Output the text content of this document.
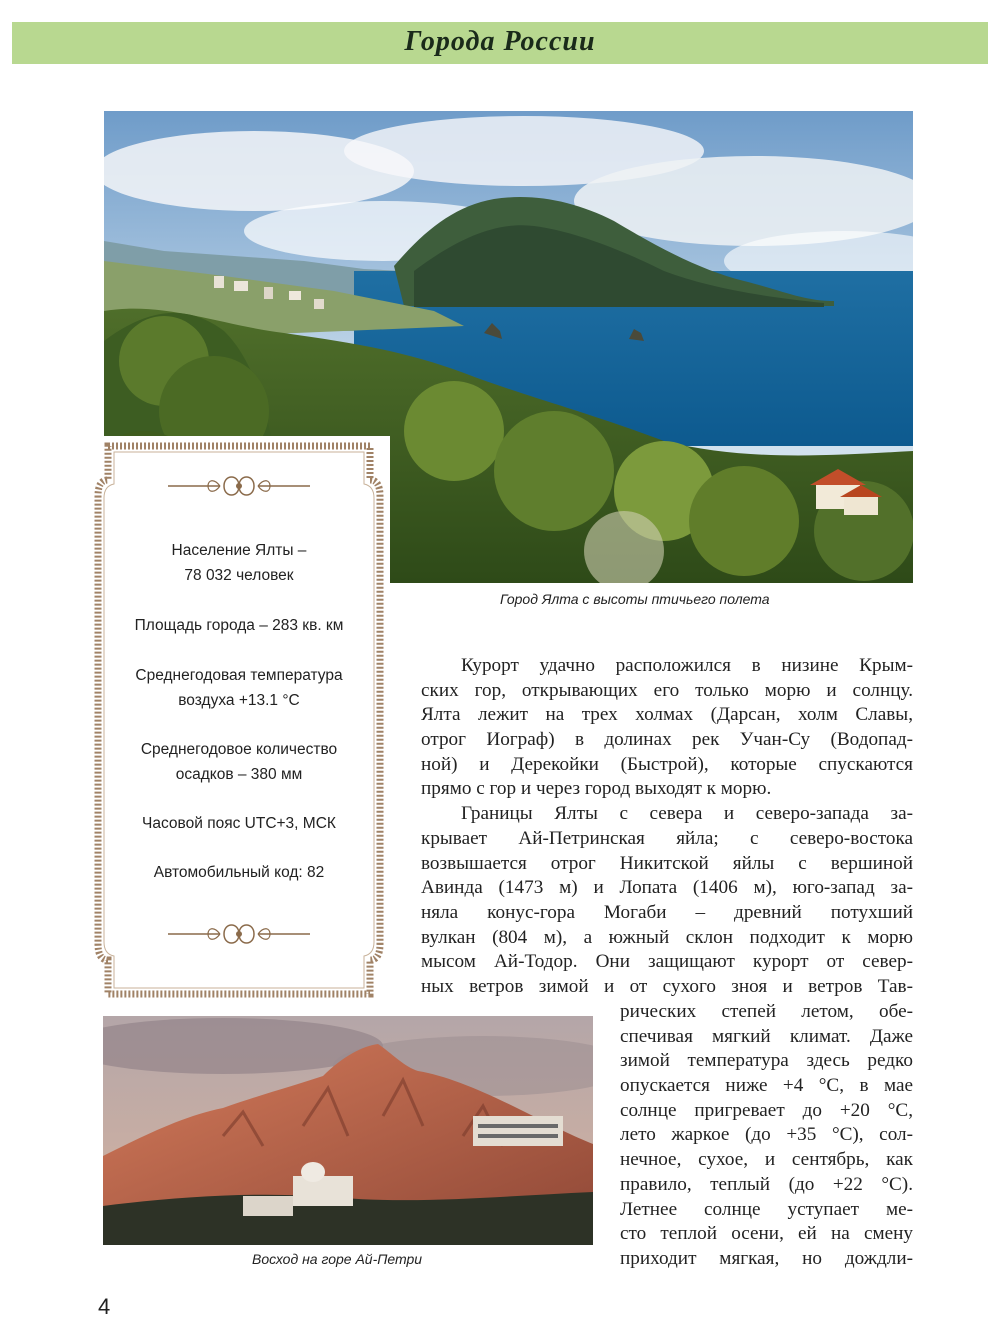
Города России
Город Ялта с высоты птичьего полета
Население Ялты –
78 032 человек
Площадь города – 283 кв. км
Среднегодовая температура
воздуха +13.1 °С
Среднегодовое количество
осадков – 380 мм
Часовой пояс UTC+3, МСК
Автомобильный код: 82
Курорт удачно расположился в низине Крым-
ских гор, открывающих его только морю и солнцу.
Ялта лежит на трех холмах (Дарсан, холм Славы,
отрог Иограф) в долинах рек Учан-Су (Водопад-
ной) и Дерекойки (Быстрой), которые спускаются
прямо с гор и через город выходят к морю.
Границы Ялты с севера и северо-запада за-
крывает Ай-Петринская яйла; с северо-востока
возвышается отрог Никитской яйлы с вершиной
Авинда (1473 м) и Лопата (1406 м), юго-запад за-
няла конус-гора Могаби – древний потухший
вулкан (804 м), а южный склон подходит к морю
мысом Ай-Тодор. Они защищают курорт от север-
ных ветров зимой и от сухого зноя и ветров Тав-
рических степей летом, обе-
спечивая мягкий климат. Даже
зимой температура здесь редко
опускается ниже +4 °С, в мае
солнце пригревает до +20 °С,
лето жаркое (до +35 °С), сол-
нечное, сухое, и сентябрь, как
правило, теплый (до +22 °С).
Летнее солнце уступает ме-
сто теплой осени, ей на смену
приходит мягкая, но дождли-
Восход на горе Ай-Петри
4
